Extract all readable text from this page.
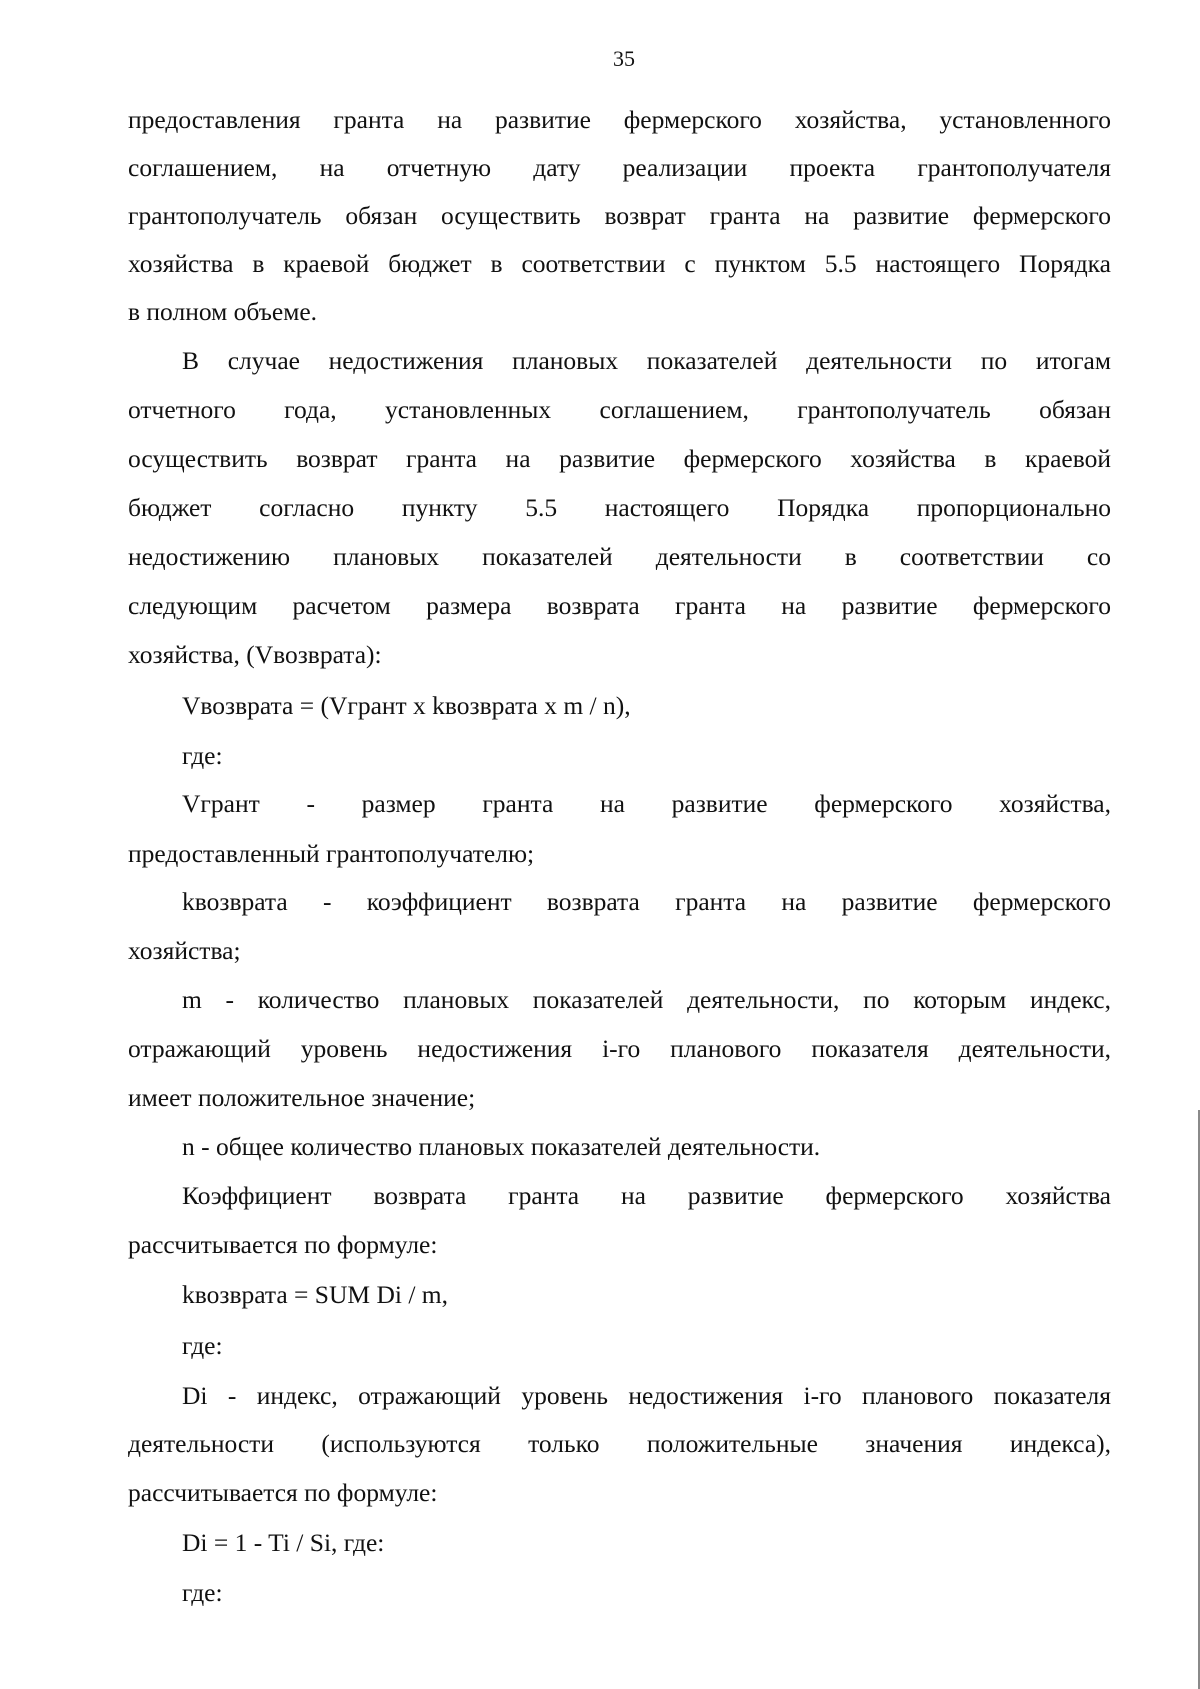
35
предоставления гранта на развитие фермерского хозяйства, установленного
соглашением, на отчетную дату реализации проекта грантополучателя
грантополучатель обязан осуществить возврат гранта на развитие фермерского
хозяйства в краевой бюджет в соответствии с пунктом 5.5 настоящего Порядка
в полном объеме.
В случае недостижения плановых показателей деятельности по итогам
отчетного года, установленных соглашением, грантополучатель обязан
осуществить возврат гранта на развитие фермерского хозяйства в краевой
бюджет согласно пункту 5.5 настоящего Порядка пропорционально
недостижению плановых показателей деятельности в соответствии со
следующим расчетом размера возврата гранта на развитие фермерского
хозяйства, (Vвозврата):
Vвозврата = (Vгрант х kвозврата х m / n),
где:
Vгрант - размер гранта на развитие фермерского хозяйства,
предоставленный грантополучателю;
kвозврата - коэффициент возврата гранта на развитие фермерского
хозяйства;
m - количество плановых показателей деятельности, по которым индекс,
отражающий уровень недостижения i-го планового показателя деятельности,
имеет положительное значение;
n - общее количество плановых показателей деятельности.
Коэффициент возврата гранта на развитие фермерского хозяйства
рассчитывается по формуле:
kвозврата = SUM Di / m,
где:
Di - индекс, отражающий уровень недостижения i-го планового показателя
деятельности (используются только положительные значения индекса),
рассчитывается по формуле:
Di = 1 - Ti / Si, где:
где:
